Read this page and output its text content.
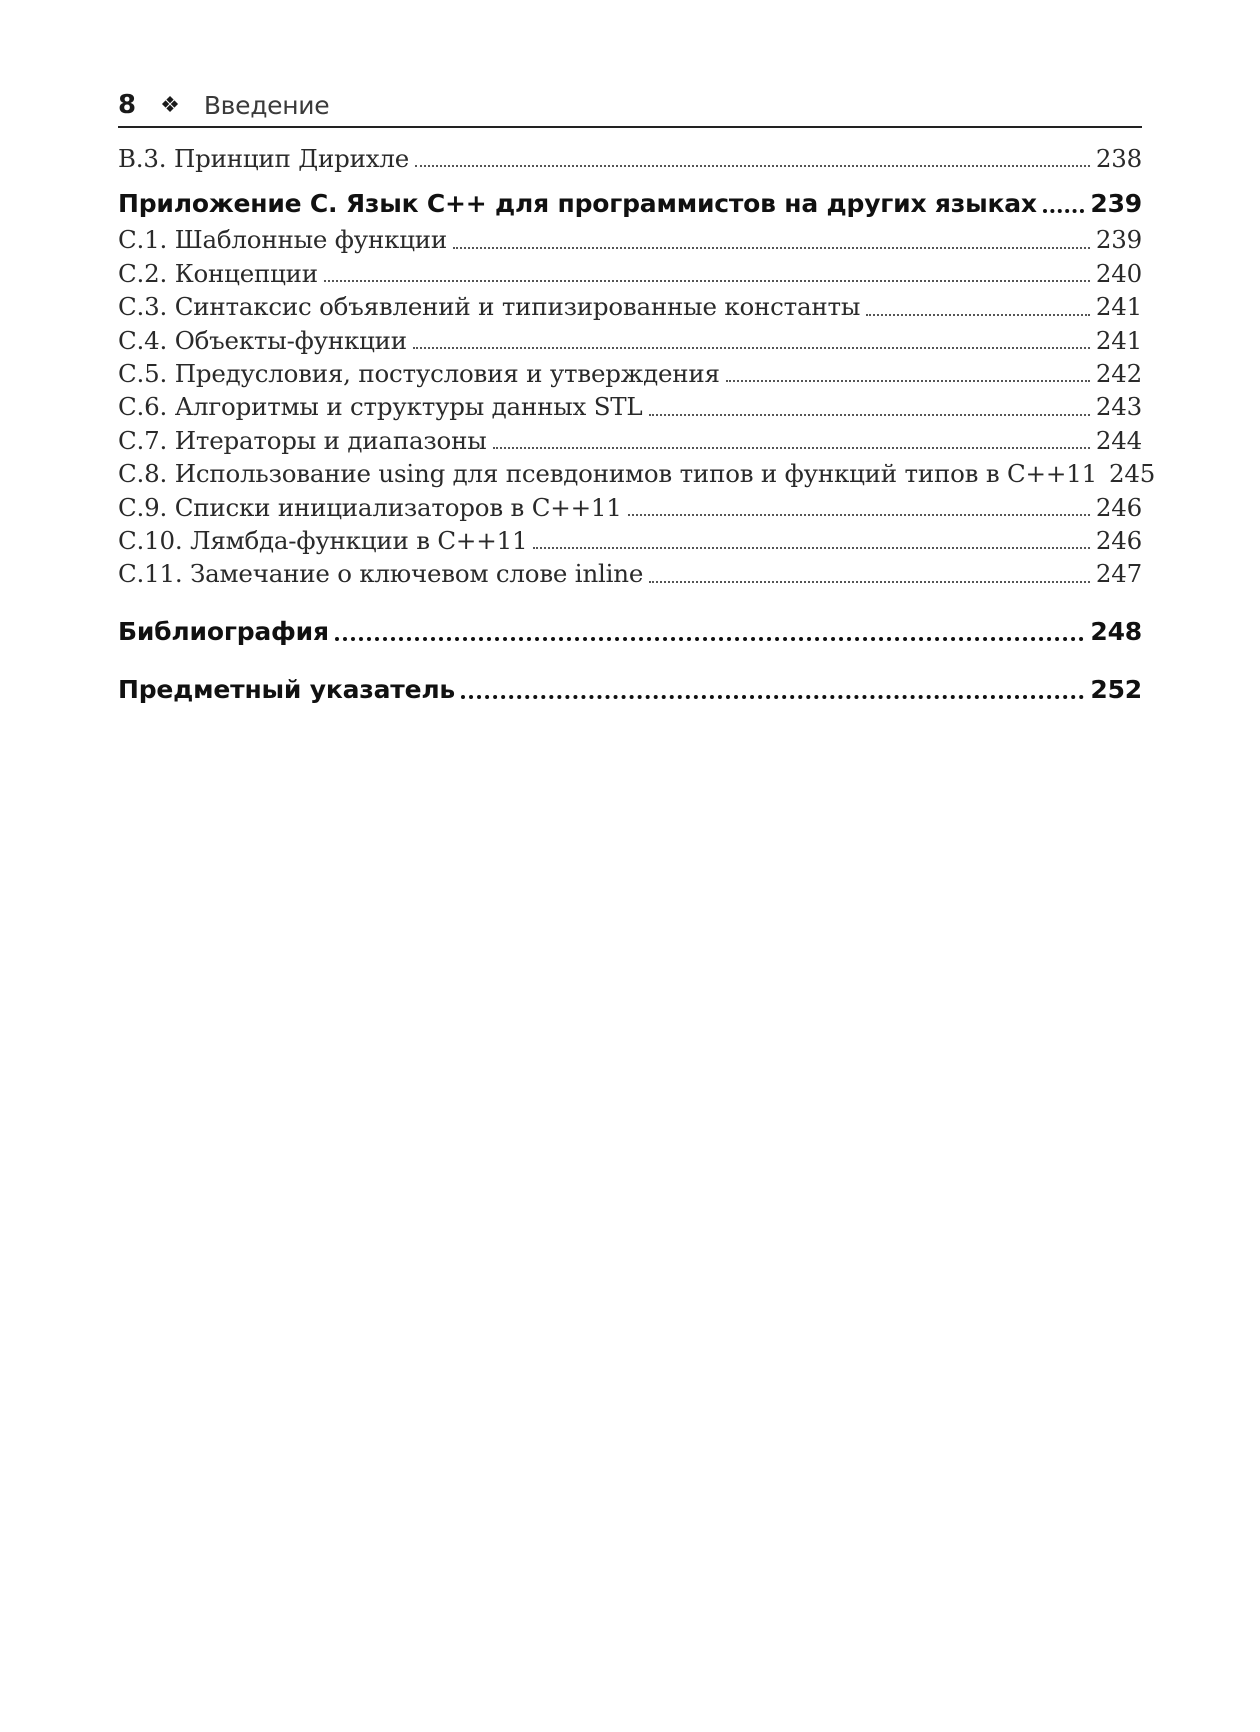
8 ❖ Введение
В.3. Принцип Дирихле	238
Приложение С. Язык C++ для программистов на других языках 239
С.1. Шаблонные функции	239
С.2. Концепции	240
С.3. Синтаксис объявлений и типизированные константы	241
С.4. Объекты-функции	241
С.5. Предусловия, постусловия и утверждения	242
С.6. Алгоритмы и структуры данных STL	243
С.7. Итераторы и диапазоны	244
С.8. Использование using для псевдонимов типов и функций типов в C++11 245
С.9. Списки инициализаторов в C++11	246
С.10. Лямбда-функции в C++11	246
С.11. Замечание о ключевом слове inline	247
Библиография	248
Предметный указатель	252
